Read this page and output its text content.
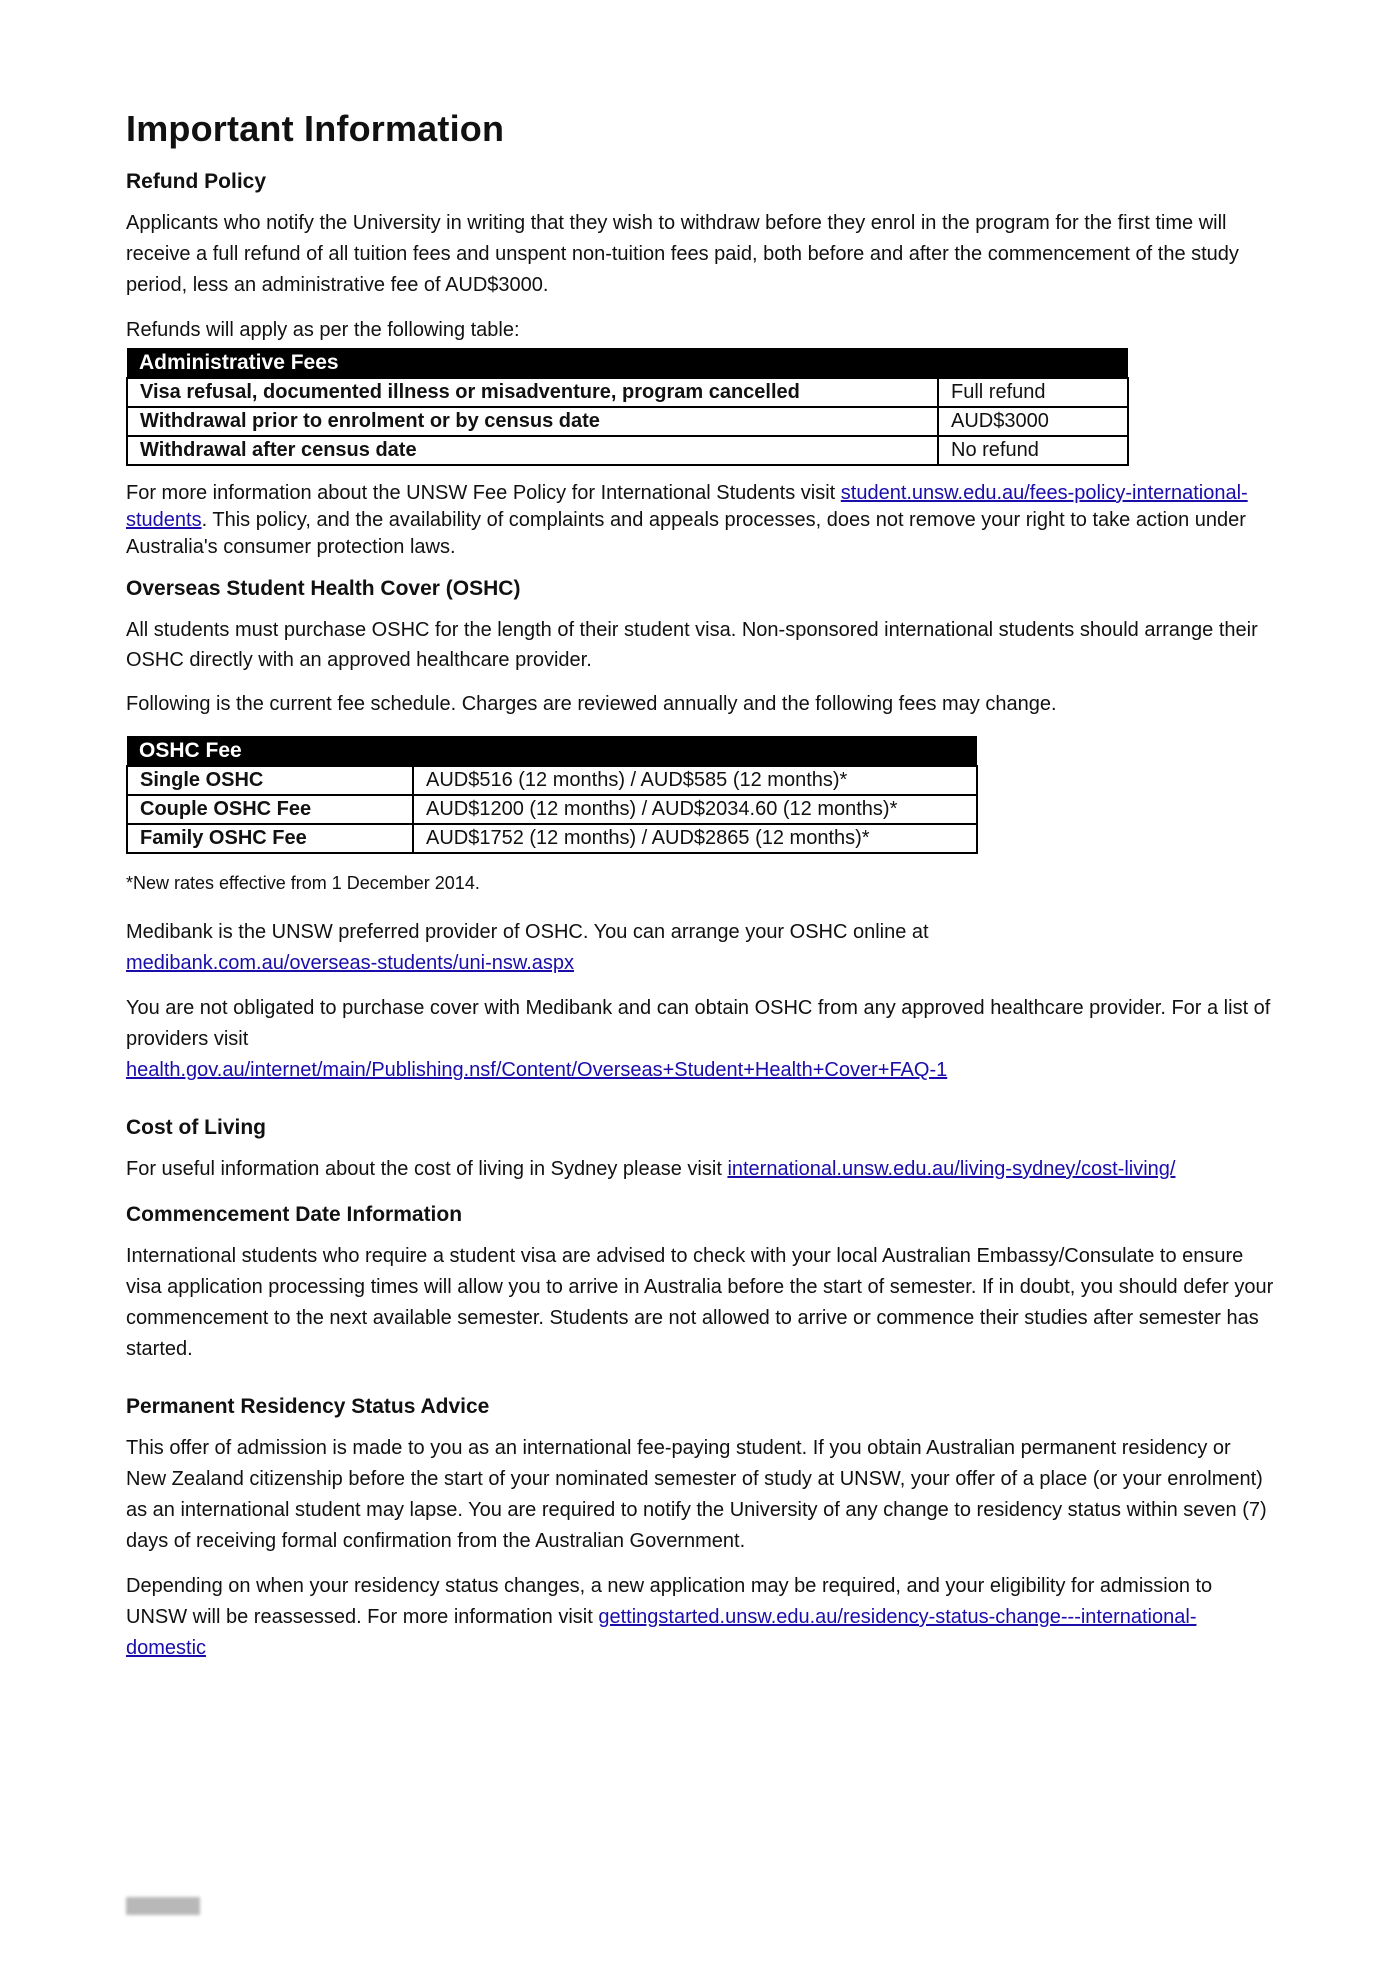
Important Information
Refund Policy

Applicants who notify the University in writing that they wish to withdraw before they enrol in the program for the first time will receive a full refund of all tuition fees and unspent non-tuition fees paid, both before and after the commencement of the study period, less an administrative fee of AUD$3000.

Refunds will apply as per the following table:

Administrative Fees	
Visa refusal, documented illness or misadventure, program cancelled	Full refund
Withdrawal prior to enrolment or by census date	AUD$3000
Withdrawal after census date	No refund

For more information about the UNSW Fee Policy for International Students visit student.unsw.edu.au/fees-policy-international-students. This policy, and the availability of complaints and appeals processes, does not remove your right to take action under Australia's consumer protection laws.

Overseas Student Health Cover (OSHC)

All students must purchase OSHC for the length of their student visa. Non-sponsored international students should arrange their OSHC directly with an approved healthcare provider.

Following is the current fee schedule. Charges are reviewed annually and the following fees may change.

OSHC Fee	
Single OSHC	AUD$516 (12 months) / AUD$585 (12 months)*
Couple OSHC Fee	AUD$1200 (12 months) / AUD$2034.60 (12 months)*
Family OSHC Fee	AUD$1752 (12 months) / AUD$2865 (12 months)*

*New rates effective from 1 December 2014.

Medibank is the UNSW preferred provider of OSHC. You can arrange your OSHC online at
medibank.com.au/overseas-students/uni-nsw.aspx

You are not obligated to purchase cover with Medibank and can obtain OSHC from any approved healthcare provider. For a list of providers visit
health.gov.au/internet/main/Publishing.nsf/Content/Overseas+Student+Health+Cover+FAQ-1

Cost of Living

For useful information about the cost of living in Sydney please visit international.unsw.edu.au/living-sydney/cost-living/

Commencement Date Information

International students who require a student visa are advised to check with your local Australian Embassy/Consulate to ensure visa application processing times will allow you to arrive in Australia before the start of semester. If in doubt, you should defer your commencement to the next available semester. Students are not allowed to arrive or commence their studies after semester has started.

Permanent Residency Status Advice

This offer of admission is made to you as an international fee-paying student. If you obtain Australian permanent residency or New Zealand citizenship before the start of your nominated semester of study at UNSW, your offer of a place (or your enrolment) as an international student may lapse. You are required to notify the University of any change to residency status within seven (7) days of receiving formal confirmation from the Australian Government.

Depending on when your residency status changes, a new application may be required, and your eligibility for admission to UNSW will be reassessed. For more information visit gettingstarted.unsw.edu.au/residency-status-change---international-domestic
